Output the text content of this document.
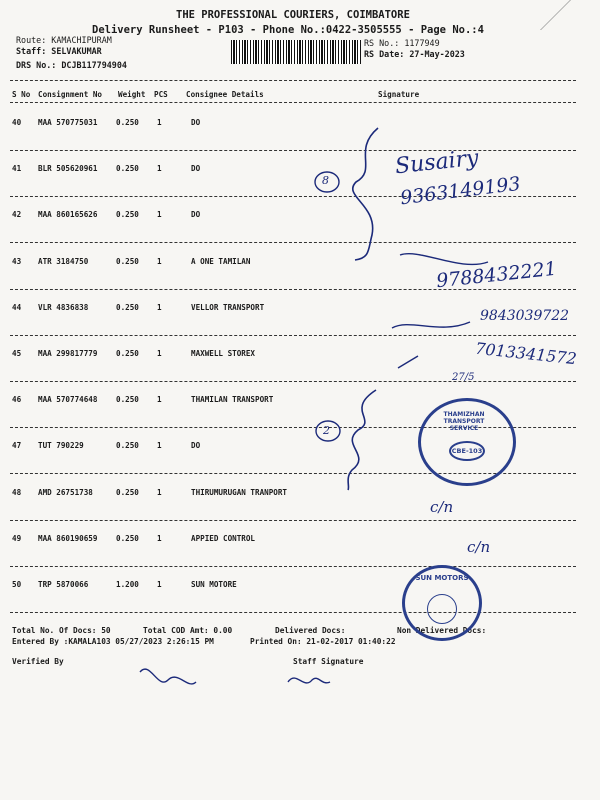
THE PROFESSIONAL COURIERS, COIMBATORE
Delivery Runsheet - P103 - Phone No.:0422-3505555 - Page No.:4
Route: KAMACHIPURAM
Staff: SELVAKUMAR
DRS No.: DCJB117794904
RS No.: 1177949
RS Date: 27-May-2023
S No Consignment No Weight PCS Consignee Details	Signature
40 MAA 570775031 0.250 1	DO
41 BLR 505620961 0.250 1	DO
42 MAA 860165626 0.250 1	DO
43 ATR 3184750	0.250 1	A ONE TAMILAN
44 VLR 4836838	0.250 1	VELLOR TRANSPORT
45 MAA 299817779 0.250 1	MAXWELL STOREX
46 MAA 570774648 0.250 1	THAMILAN TRANSPORT
47 TUT 790229	0.250 1	DO
48 AMD 26751738	0.250 1	THIRUMURUGAN TRANPORT
49 MAA 860190659 0.250 1	APPIED CONTROL
50 TRP 5870066	1.200 1	SUN MOTORE
Total No. Of Docs: 50	Total COD Amt: 0.00	Delivered Docs:	Non Delivered Docs:
Entered By :KAMALA103 05/27/2023 2:26:15 PM	Printed On: 21-02-2017 01:40:22
Verified By	Staff Signature
8
Susairy
9363149193
9788432221
9843039722
7013341572
27/5
2
c/n
c/n
THAMIZHAN TRANSPORT SERVICE
CBE-103
SUN MOTORS
